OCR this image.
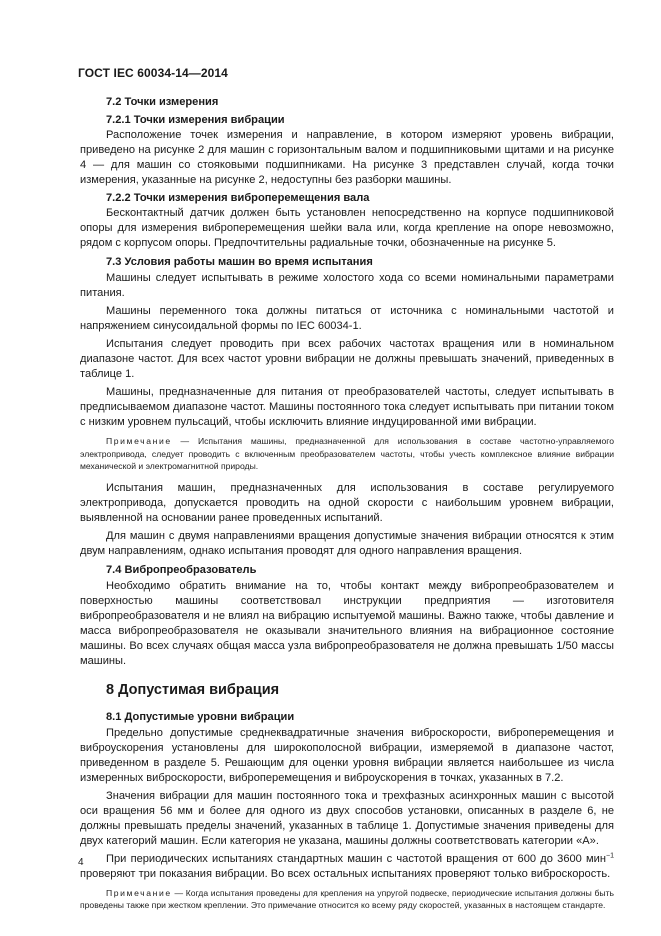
ГОСТ IEC 60034-14—2014
7.2 Точки измерения
7.2.1 Точки измерения вибрации

Расположение точек измерения и направление, в котором измеряют уровень вибрации, приведено на рисунке 2 для машин с горизонтальным валом и подшипниковыми щитами и на рисунке 4 — для машин со стояковыми подшипниками. На рисунке 3 представлен случай, когда точки измерения, указанные на рисунке 2, недоступны без разборки машины.

7.2.2 Точки измерения виброперемещения вала

Бесконтактный датчик должен быть установлен непосредственно на корпусе подшипниковой опоры для измерения виброперемещения шейки вала или, когда крепление на опоре невозможно, рядом с корпусом опоры. Предпочтительны радиальные точки, обозначенные на рисунке 5.

7.3 Условия работы машин во время испытания

Машины следует испытывать в режиме холостого хода со всеми номинальными параметрами питания.

Машины переменного тока должны питаться от источника с номинальными частотой и напряжением синусоидальной формы по IEC 60034-1.

Испытания следует проводить при всех рабочих частотах вращения или в номинальном диапазоне частот. Для всех частот уровни вибрации не должны превышать значений, приведенных в таблице 1.

Машины, предназначенные для питания от преобразователей частоты, следует испытывать в предписываемом диапазоне частот. Машины постоянного тока следует испытывать при питании током с низким уровнем пульсаций, чтобы исключить влияние индуцированной ими вибрации.

Примечание — Испытания машины, предназначенной для использования в составе частотно-управляемого электропривода, следует проводить с включенным преобразователем частоты, чтобы учесть комплексное влияние вибрации механической и электромагнитной природы.

Испытания машин, предназначенных для использования в составе регулируемого электропривода, допускается проводить на одной скорости с наибольшим уровнем вибрации, выявленной на основании ранее проведенных испытаний.

Для машин с двумя направлениями вращения допустимые значения вибрации относятся к этим двум направлениям, однако испытания проводят для одного направления вращения.

7.4 Вибропреобразователь

Необходимо обратить внимание на то, чтобы контакт между вибропреобразователем и поверхностью машины соответствовал инструкции предприятия — изготовителя вибропреобразователя и не влиял на вибрацию испытуемой машины. Важно также, чтобы давление и масса вибропреобразователя не оказывали значительного влияния на вибрационное состояние машины. Во всех случаях общая масса узла вибропреобразователя не должна превышать 1/50 массы машины.

8 Допустимая вибрация
8.1 Допустимые уровни вибрации

Предельно допустимые среднеквадратичные значения виброскорости, виброперемещения и виброускорения установлены для широкополосной вибрации, измеряемой в диапазоне частот, приведенном в разделе 5. Решающим для оценки уровня вибрации является наибольшее из числа измеренных виброскорости, виброперемещения и виброускорения в точках, указанных в 7.2.

Значения вибрации для машин постоянного тока и трехфазных асинхронных машин с высотой оси вращения 56 мм и более для одного из двух способов установки, описанных в разделе 6, не должны превышать пределы значений, указанных в таблице 1. Допустимые значения приведены для двух категорий машин. Если категория не указана, машины должны соответствовать категории «А».

При периодических испытаниях стандартных машин с частотой вращения от 600 до 3600 мин$^{-1}$ проверяют три показания вибрации. Во всех остальных испытаниях проверяют только виброскорость.

Примечание — Когда испытания проведены для крепления на упругой подвеске, периодические испытания должны быть проведены также при жестком креплении. Это примечание относится ко всему ряду скоростей, указанных в настоящем стандарте.

4
